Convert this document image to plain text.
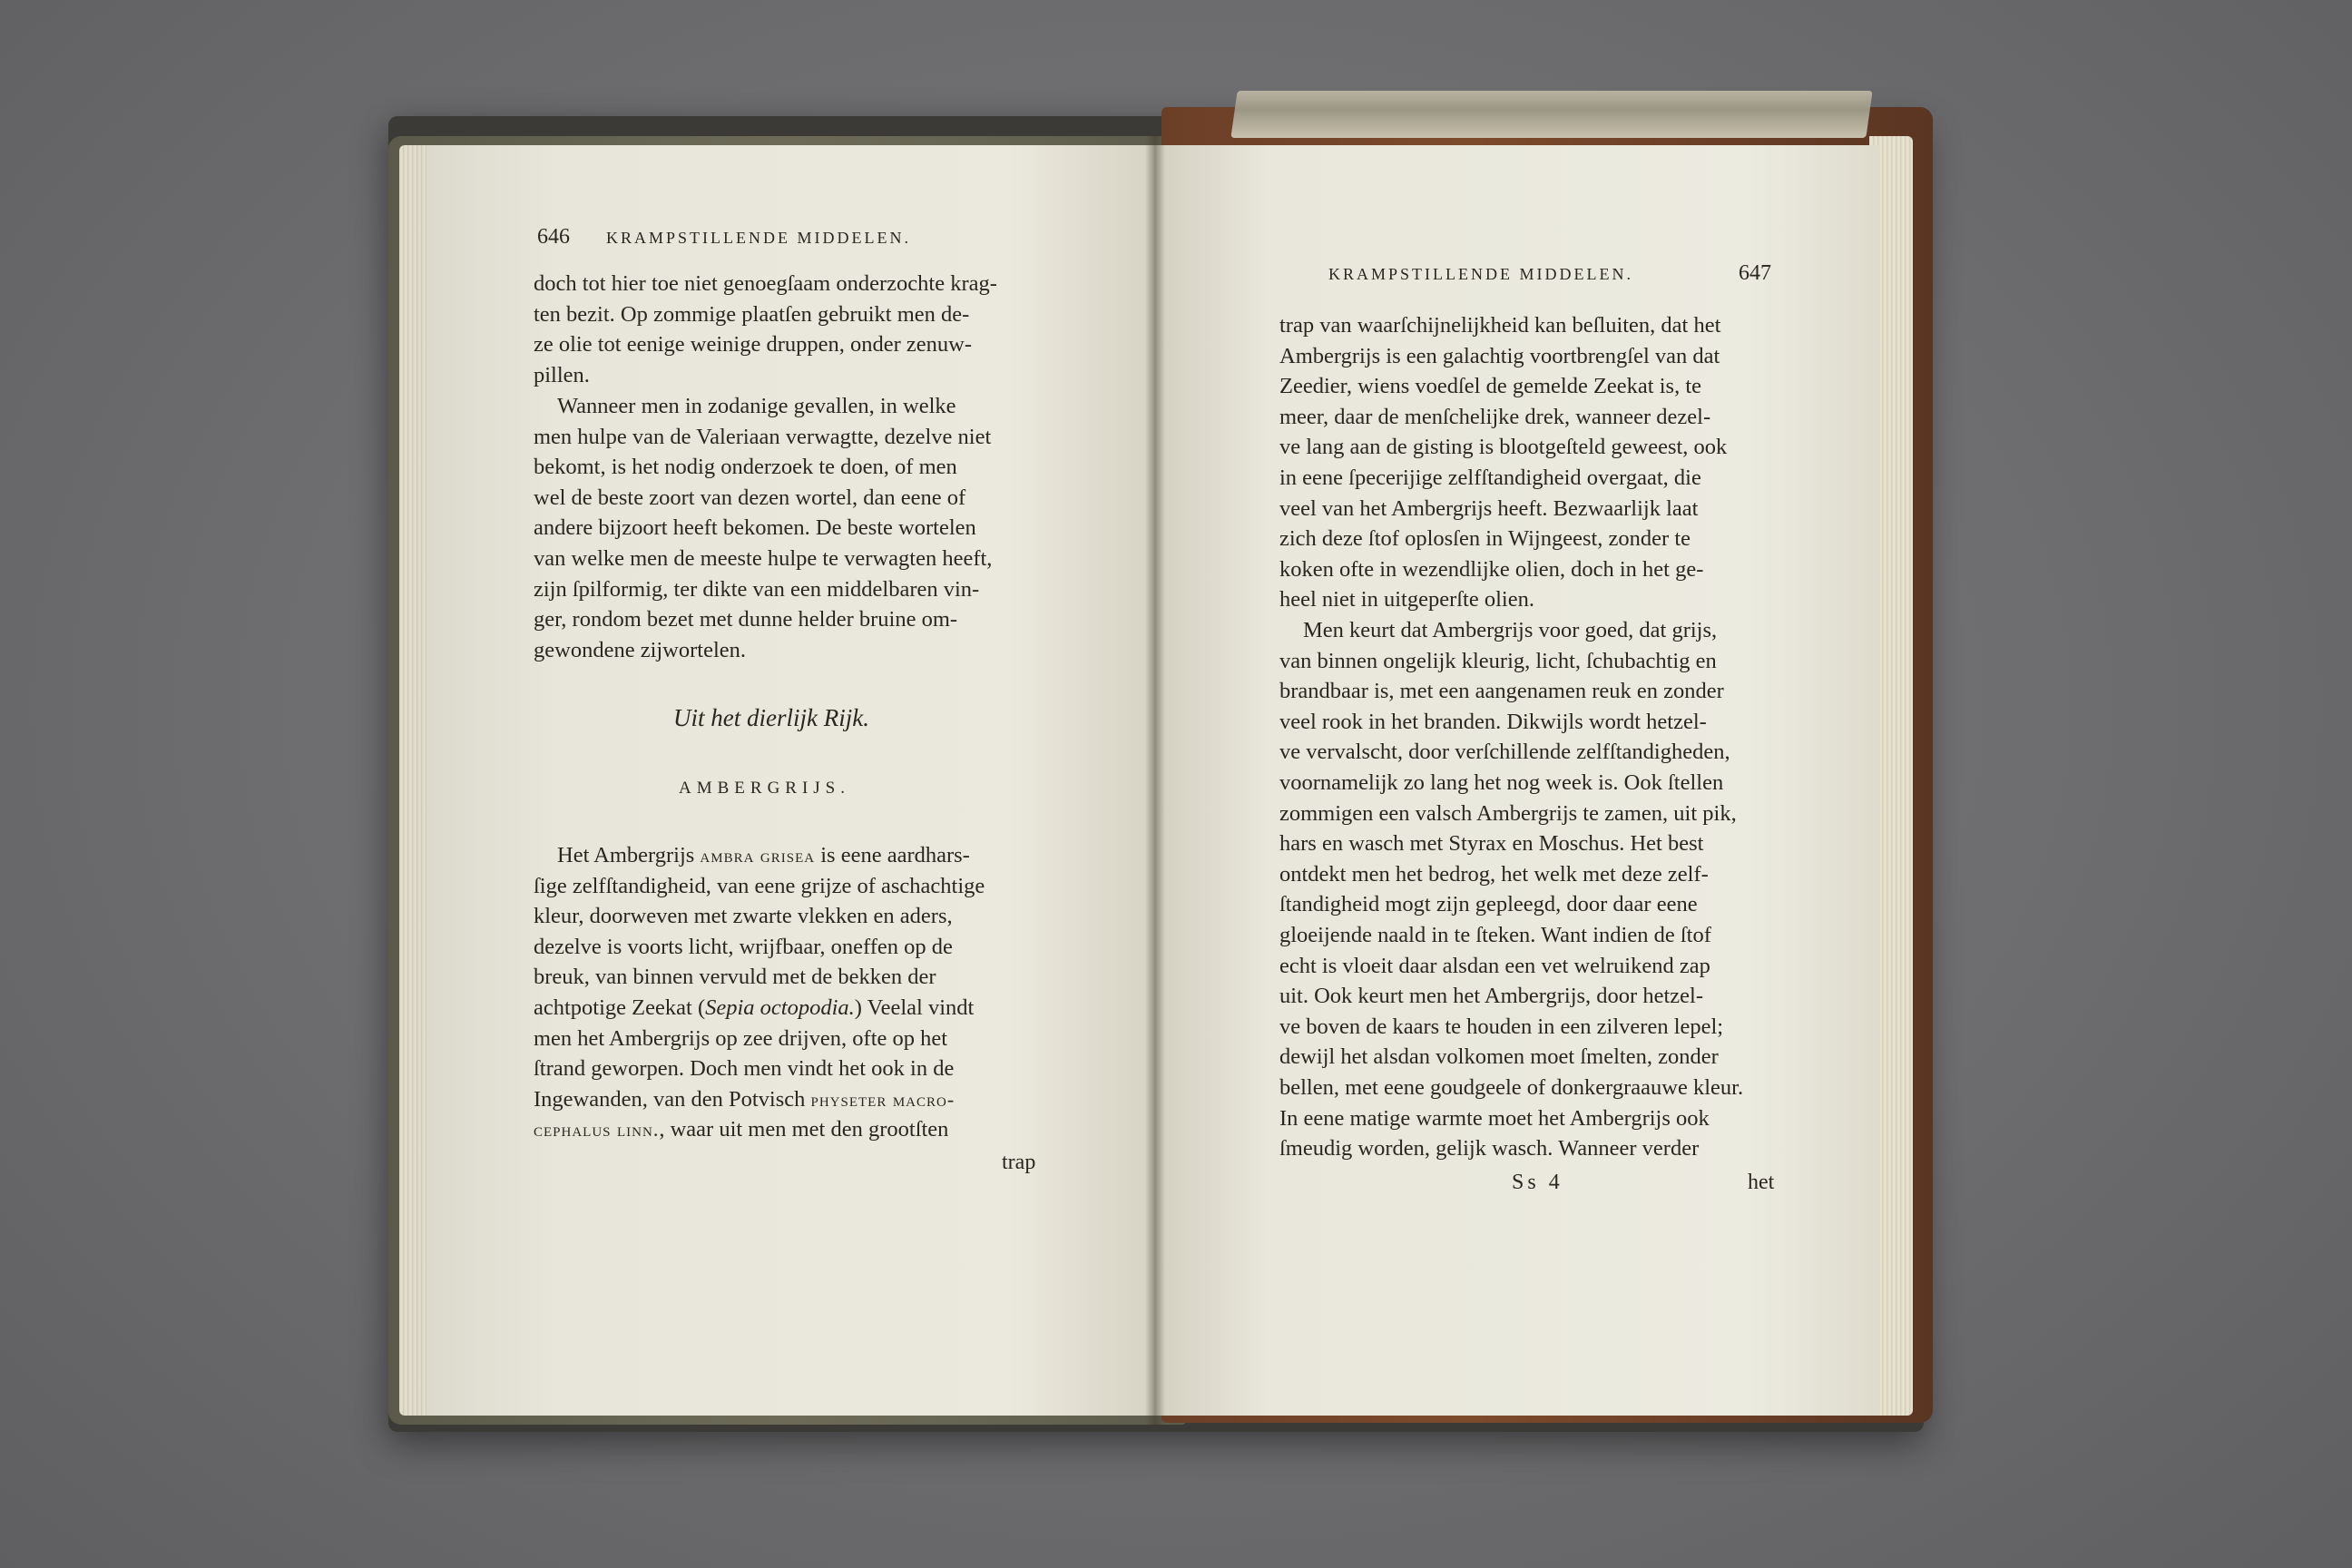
646 KRAMPSTILLENDE MIDDELEN.

doch tot hier toe niet genoegſaam onderzochte krag-

ten bezit. Op zommige plaatſen gebruikt men de-

ze olie tot eenige weinige druppen, onder zenuw-

pillen.

Wanneer men in zodanige gevallen, in welke

men hulpe van de Valeriaan verwagtte, dezelve niet

bekomt, is het nodig onderzoek te doen, of men

wel de beste zoort van dezen wortel, dan eene of

andere bijzoort heeft bekomen. De beste wortelen

van welke men de meeste hulpe te verwagten heeft,

zijn ſpilformig, ter dikte van een middelbaren vin-

ger, rondom bezet met dunne helder bruine om-

gewondene zijwortelen.

Uit het dierlijk Rijk.
AMBERGRIJS.

Het Ambergrijs ambra grisea is eene aardhars-

ſige zelfſtandigheid, van eene grijze of aschachtige

kleur, doorweven met zwarte vlekken en aders,

dezelve is voorts licht, wrijfbaar, oneffen op de

breuk, van binnen vervuld met de bekken der

achtpotige Zeekat (Sepia octopodia.) Veelal vindt

men het Ambergrijs op zee drijven, ofte op het

ſtrand geworpen. Doch men vindt het ook in de

Ingewanden, van den Potvisch physeter macro-

cephalus linn., waar uit men met den grootſten

trap
KRAMPSTILLENDE MIDDELEN.	647

trap van waarſchijnelijkheid kan beſluiten, dat het

Ambergrijs is een galachtig voortbrengſel van dat

Zeedier, wiens voedſel de gemelde Zeekat is, te

meer, daar de menſchelijke drek, wanneer dezel-

ve lang aan de gisting is blootgeſteld geweest, ook

in eene ſpecerijige zelfſtandigheid overgaat, die

veel van het Ambergrijs heeft. Bezwaarlijk laat

zich deze ſtof oplosſen in Wijngeest, zonder te

koken ofte in wezendlijke olien, doch in het ge-

heel niet in uitgeperſte olien.

Men keurt dat Ambergrijs voor goed, dat grijs,

van binnen ongelijk kleurig, licht, ſchubachtig en

brandbaar is, met een aangenamen reuk en zonder

veel rook in het branden. Dikwijls wordt hetzel-

ve vervalscht, door verſchillende zelfſtandigheden,

voornamelijk zo lang het nog week is. Ook ſtellen

zommigen een valsch Ambergrijs te zamen, uit pik,

hars en wasch met Styrax en Moschus. Het best

ontdekt men het bedrog, het welk met deze zelf-

ſtandigheid mogt zijn gepleegd, door daar eene

gloeijende naald in te ſteken. Want indien de ſtof

echt is vloeit daar alsdan een vet welruikend zap

uit. Ook keurt men het Ambergrijs, door hetzel-

ve boven de kaars te houden in een zilveren lepel;

dewijl het alsdan volkomen moet ſmelten, zonder

bellen, met eene goudgeele of donkergraauwe kleur.

In eene matige warmte moet het Ambergrijs ook

ſmeudig worden, gelijk wasch. Wanneer verder

Ss 4	het
